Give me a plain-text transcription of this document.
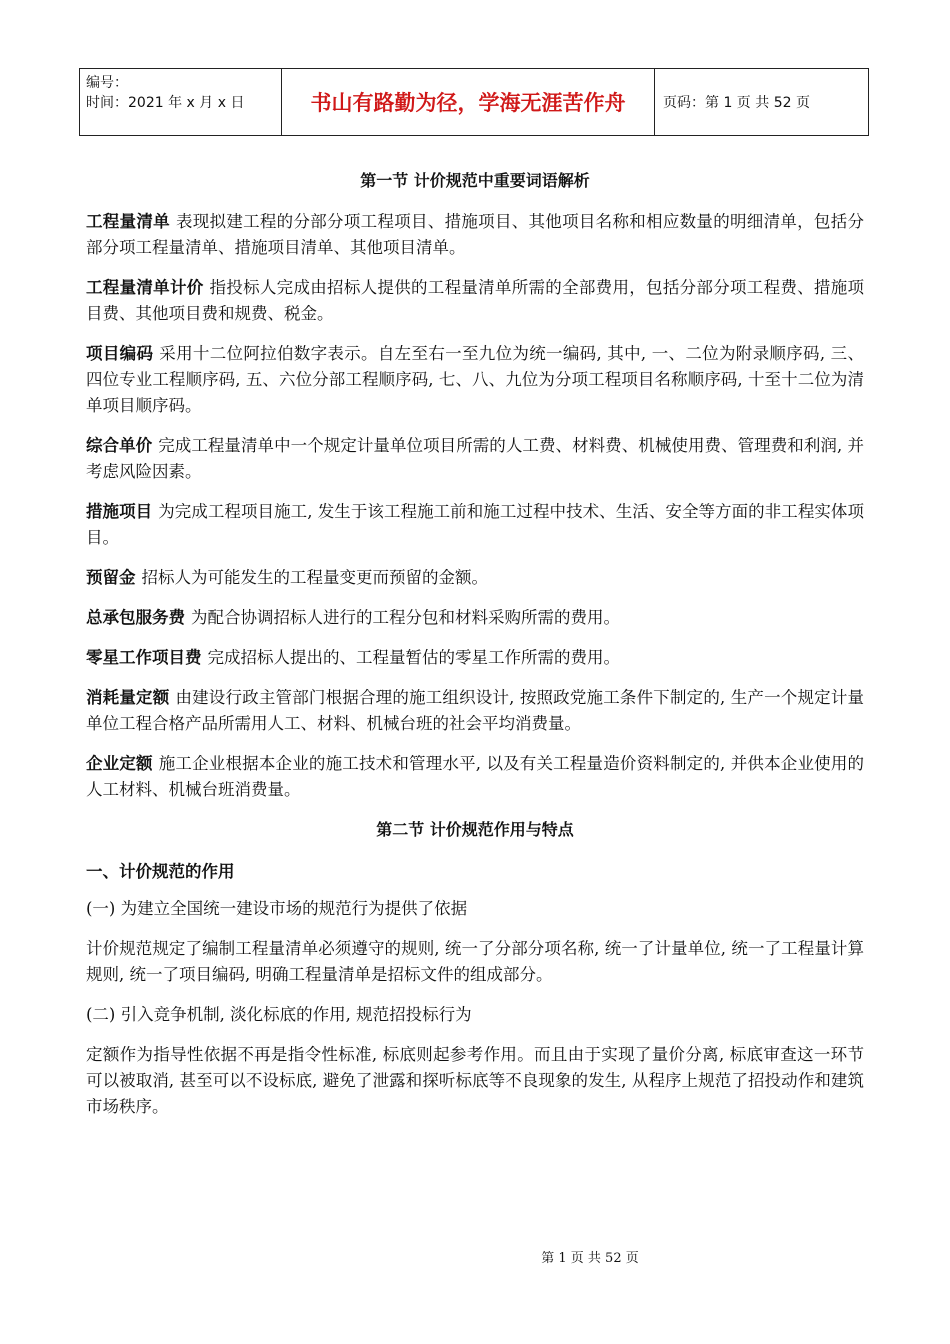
编号：
时间：2021 年 x 月 x 日	书山有路勤为径，学海无涯苦作舟	页码：第 1 页 共 52 页
第一节 计价规范中重要词语解析

工程量清单 表现拟建工程的分部分项工程项目、措施项目、其他项目名称和相应数量的明细清单，包括分部分项工程量清单、措施项目清单、其他项目清单。

工程量清单计价 指投标人完成由招标人提供的工程量清单所需的全部费用，包括分部分项工程费、措施项目费、其他项目费和规费、税金。

项目编码 采用十二位阿拉伯数字表示。自左至右一至九位为统一编码, 其中, 一、二位为附录顺序码, 三、四位专业工程顺序码, 五、六位分部工程顺序码, 七、八、九位为分项工程项目名称顺序码, 十至十二位为清单项目顺序码。

综合单价 完成工程量清单中一个规定计量单位项目所需的人工费、材料费、机械使用费、管理费和利润, 并考虑风险因素。

措施项目 为完成工程项目施工, 发生于该工程施工前和施工过程中技术、生活、安全等方面的非工程实体项目。

预留金 招标人为可能发生的工程量变更而预留的金额。

总承包服务费 为配合协调招标人进行的工程分包和材料采购所需的费用。

零星工作项目费 完成招标人提出的、工程量暂估的零星工作所需的费用。

消耗量定额 由建设行政主管部门根据合理的施工组织设计, 按照政党施工条件下制定的, 生产一个规定计量单位工程合格产品所需用人工、材料、机械台班的社会平均消费量。

企业定额 施工企业根据本企业的施工技术和管理水平, 以及有关工程量造价资料制定的, 并供本企业使用的人工材料、机械台班消费量。

第二节 计价规范作用与特点
一、计价规范的作用

(一) 为建立全国统一建设市场的规范行为提供了依据

计价规范规定了编制工程量清单必须遵守的规则, 统一了分部分项名称, 统一了计量单位, 统一了工程量计算规则, 统一了项目编码, 明确工程量清单是招标文件的组成部分。

(二) 引入竞争机制, 淡化标底的作用, 规范招投标行为

定额作为指导性依据不再是指令性标准, 标底则起参考作用。而且由于实现了量价分离, 标底审查这一环节可以被取消, 甚至可以不设标底, 避免了泄露和探听标底等不良现象的发生, 从程序上规范了招投动作和建筑市场秩序。

第 1 页 共 52 页
